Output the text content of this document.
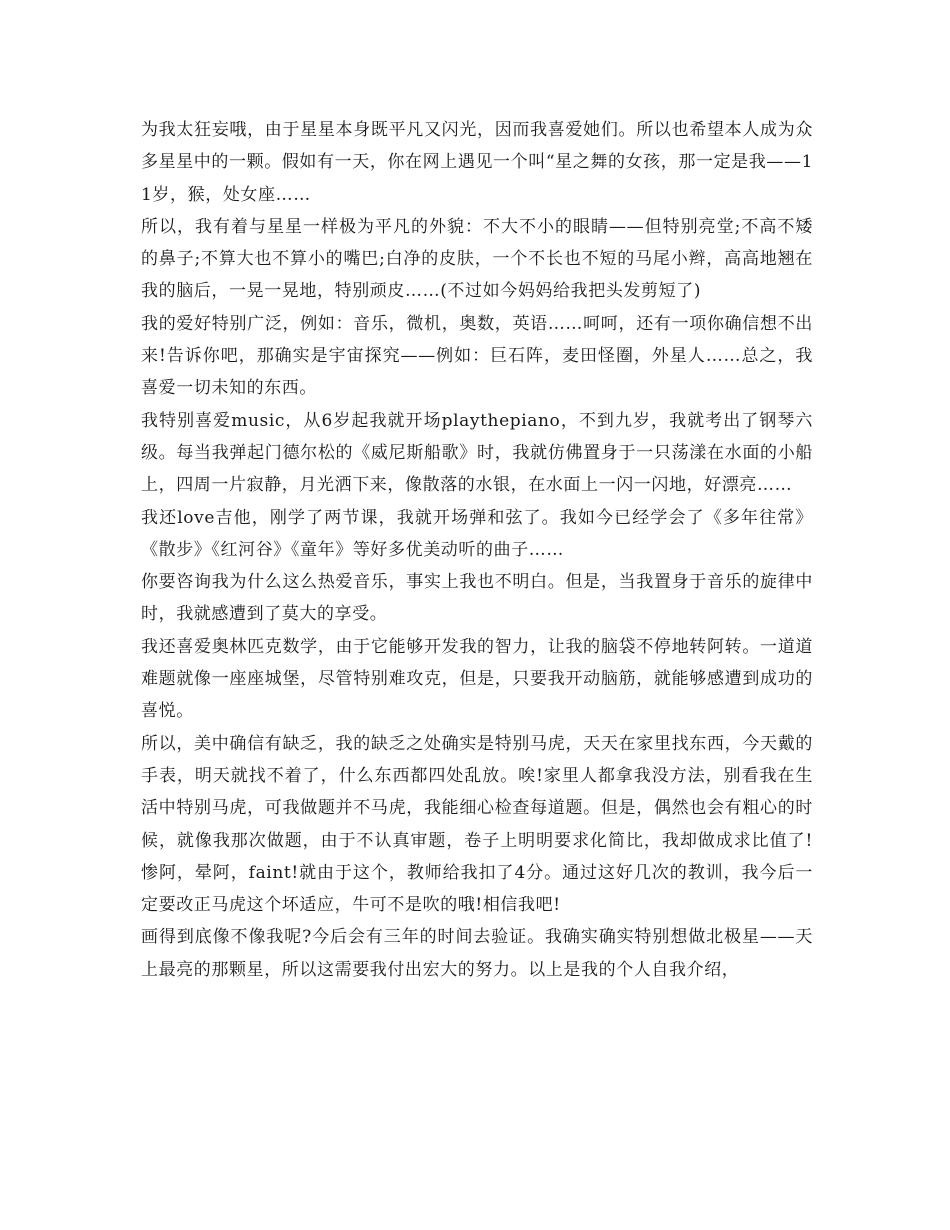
为我太狂妄哦，由于星星本身既平凡又闪光，因而我喜爱她们。所以也希望本人成为众多星星中的一颗。假如有一天，你在网上遇见一个叫“星之舞的女孩，那一定是我——11岁，猴，处女座……

所以，我有着与星星一样极为平凡的外貌：不大不小的眼睛——但特别亮堂;不高不矮的鼻子;不算大也不算小的嘴巴;白净的皮肤，一个不长也不短的马尾小辫，高高地翘在我的脑后，一晃一晃地，特别顽皮……(不过如今妈妈给我把头发剪短了)

我的爱好特别广泛，例如：音乐，微机，奥数，英语……呵呵，还有一项你确信想不出来!告诉你吧，那确实是宇宙探究——例如：巨石阵，麦田怪圈，外星人……总之，我喜爱一切未知的东西。

我特别喜爱music，从6岁起我就开场playthepiano，不到九岁，我就考出了钢琴六级。每当我弹起门德尔松的《威尼斯船歌》时，我就仿佛置身于一只荡漾在水面的小船上，四周一片寂静，月光洒下来，像散落的水银，在水面上一闪一闪地，好漂亮……

我还love吉他，刚学了两节课，我就开场弹和弦了。我如今已经学会了《多年往常》《散步》《红河谷》《童年》等好多优美动听的曲子……

你要咨询我为什么这么热爱音乐，事实上我也不明白。但是，当我置身于音乐的旋律中时，我就感遭到了莫大的享受。

我还喜爱奥林匹克数学，由于它能够开发我的智力，让我的脑袋不停地转阿转。一道道难题就像一座座城堡，尽管特别难攻克，但是，只要我开动脑筋，就能够感遭到成功的喜悦。

所以，美中确信有缺乏，我的缺乏之处确实是特别马虎，天天在家里找东西，今天戴的手表，明天就找不着了，什么东西都四处乱放。唉!家里人都拿我没方法，别看我在生活中特别马虎，可我做题并不马虎，我能细心检查每道题。但是，偶然也会有粗心的时候，就像我那次做题，由于不认真审题，卷子上明明要求化简比，我却做成求比值了!惨阿，晕阿，faint!就由于这个，教师给我扣了4分。通过这好几次的教训，我今后一定要改正马虎这个坏适应，牛可不是吹的哦!相信我吧!

画得到底像不像我呢?今后会有三年的时间去验证。我确实确实特别想做北极星——天上最亮的那颗星，所以这需要我付出宏大的努力。以上是我的个人自我介绍，
